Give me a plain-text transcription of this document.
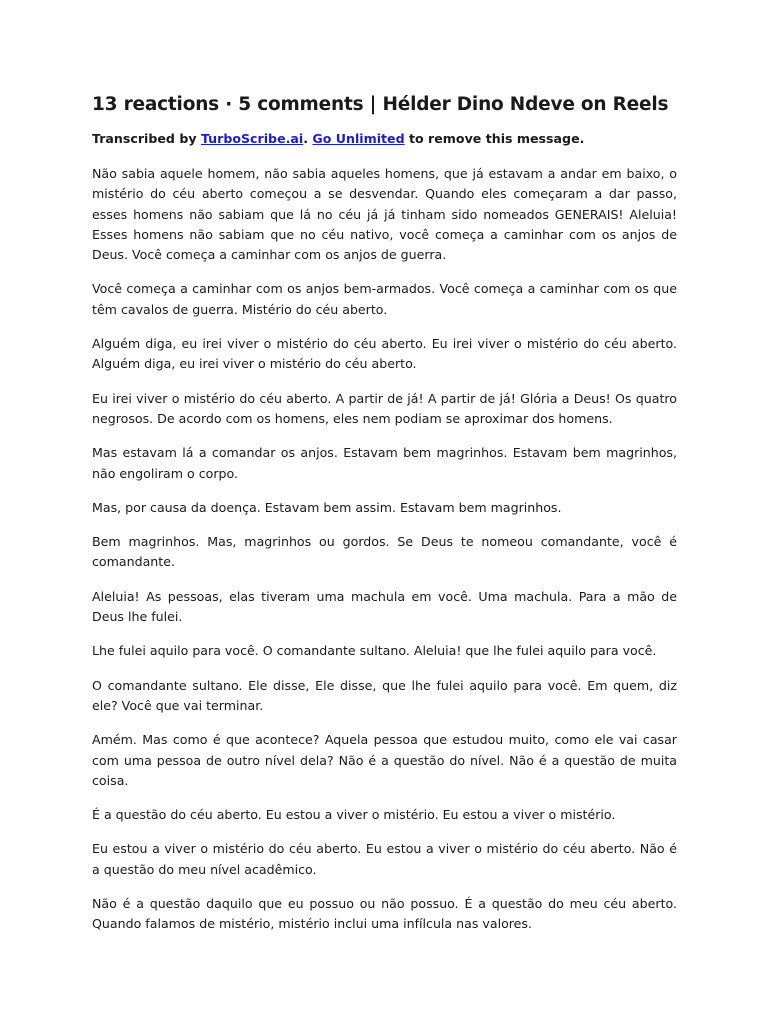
13 reactions · 5 comments | Hélder Dino Ndeve on Reels
Transcribed by TurboScribe.ai. Go Unlimited to remove this message.

Não sabia aquele homem, não sabia aqueles homens, que já estavam a andar em baixo, o mistério do céu aberto começou a se desvendar. Quando eles começaram a dar passo, esses homens não sabiam que lá no céu já já tinham sido nomeados GENERAIS! Aleluia! Esses homens não sabiam que no céu nativo, você começa a caminhar com os anjos de Deus. Você começa a caminhar com os anjos de guerra.

Você começa a caminhar com os anjos bem-armados. Você começa a caminhar com os que têm cavalos de guerra. Mistério do céu aberto.

Alguém diga, eu irei viver o mistério do céu aberto. Eu irei viver o mistério do céu aberto. Alguém diga, eu irei viver o mistério do céu aberto.

Eu irei viver o mistério do céu aberto. A partir de já! A partir de já! Glória a Deus! Os quatro negrosos. De acordo com os homens, eles nem podiam se aproximar dos homens.

Mas estavam lá a comandar os anjos. Estavam bem magrinhos. Estavam bem magrinhos, não engoliram o corpo.

Mas, por causa da doença. Estavam bem assim. Estavam bem magrinhos.

Bem magrinhos. Mas, magrinhos ou gordos. Se Deus te nomeou comandante, você é comandante.

Aleluia! As pessoas, elas tiveram uma machula em você. Uma machula. Para a mão de Deus lhe fulei.

Lhe fulei aquilo para você. O comandante sultano. Aleluia! que lhe fulei aquilo para você.

O comandante sultano. Ele disse, Ele disse, que lhe fulei aquilo para você. Em quem, diz ele? Você que vai terminar.

Amém. Mas como é que acontece? Aquela pessoa que estudou muito, como ele vai casar com uma pessoa de outro nível dela? Não é a questão do nível. Não é a questão de muita coisa.

É a questão do céu aberto. Eu estou a viver o mistério. Eu estou a viver o mistério.

Eu estou a viver o mistério do céu aberto. Eu estou a viver o mistério do céu aberto. Não é a questão do meu nível acadêmico.

Não é a questão daquilo que eu possuo ou não possuo. É a questão do meu céu aberto. Quando falamos de mistério, mistério inclui uma infílcula nas valores.
